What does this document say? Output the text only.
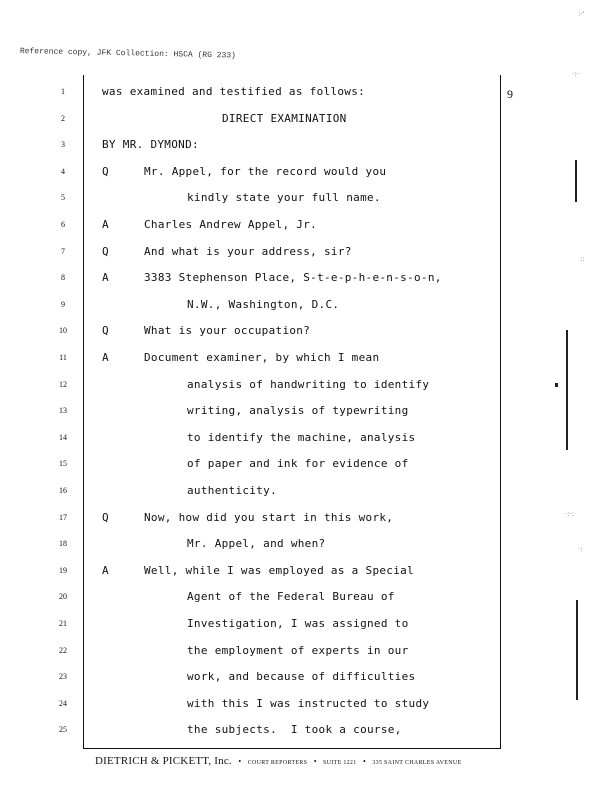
Reference copy, JFK Collection: HSCA (RG 233)
9
1	was examined and testified as follows:
2	DIRECT EXAMINATION
3	BY MR. DYMOND:
4	Q	Mr. Appel, for the record would you
5	kindly state your full name.
6	A	Charles Andrew Appel, Jr.
7	Q	And what is your address, sir?
8	A	3383 Stephenson Place, S-t-e-p-h-e-n-s-o-n,
9	N.W., Washington, D.C.
10	Q	What is your occupation?
11	A	Document examiner, by which I mean
12	analysis of handwriting to identify
13	writing, analysis of typewriting
14	to identify the machine, analysis
15	of paper and ink for evidence of
16	authenticity.
17	Q	Now, how did you start in this work,
18	Mr. Appel, and when?
19	A	Well, while I was employed as a Special
20	Agent of the Federal Bureau of
21	Investigation, I was assigned to
22	the employment of experts in our
23	work, and because of difficulties
24	with this I was instructed to study
25	the subjects.  I took a course,
DIETRICH & PICKETT, Inc. • COURT REPORTERS • SUITE 1221 • 335 SAINT CHARLES AVENUE
:·'
·:·
::
·:·:
·:
